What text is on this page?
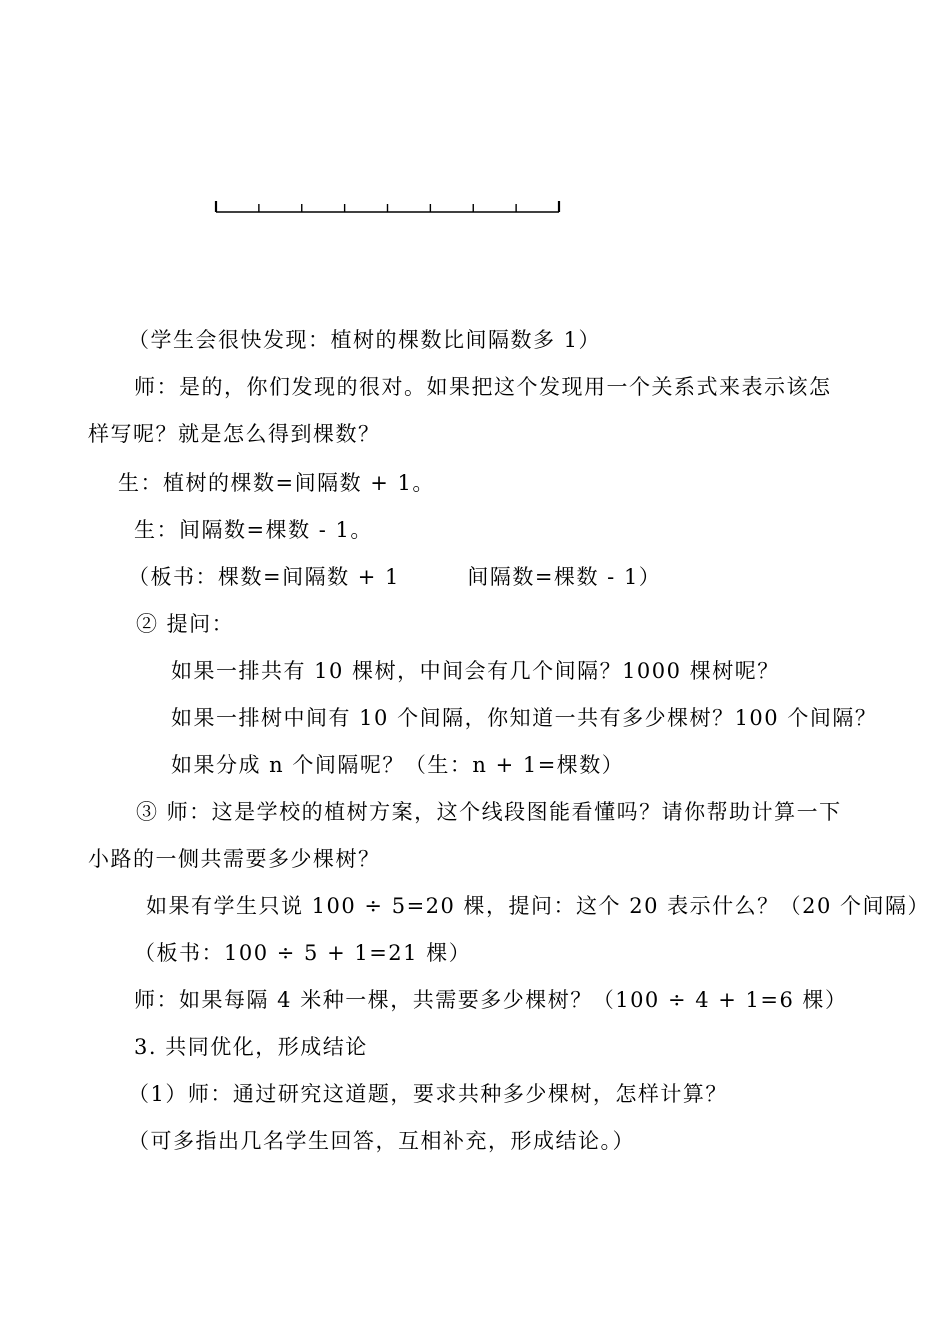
（学生会很快发现：植树的棵数比间隔数多 1）
师：是的，你们发现的很对。如果把这个发现用一个关系式来表示该怎
样写呢？就是怎么得到棵数？
生：植树的棵数=间隔数 + 1。
生：间隔数=棵数 - 1。
（板书：棵数=间隔数 + 1　　　间隔数=棵数 - 1）
② 提问：
如果一排共有 10 棵树，中间会有几个间隔？1000 棵树呢？
如果一排树中间有 10 个间隔，你知道一共有多少棵树？100 个间隔？
如果分成 n 个间隔呢？（生：n + 1=棵数）
③ 师：这是学校的植树方案，这个线段图能看懂吗？请你帮助计算一下
小路的一侧共需要多少棵树？
如果有学生只说 100 ÷ 5=20 棵，提问：这个 20 表示什么？（20 个间隔）
（板书：100 ÷ 5 + 1=21 棵）
师：如果每隔 4 米种一棵，共需要多少棵树？（100 ÷ 4 + 1=6 棵）
3. 共同优化，形成结论
（1）师：通过研究这道题，要求共种多少棵树，怎样计算？
（可多指出几名学生回答，互相补充，形成结论。）
